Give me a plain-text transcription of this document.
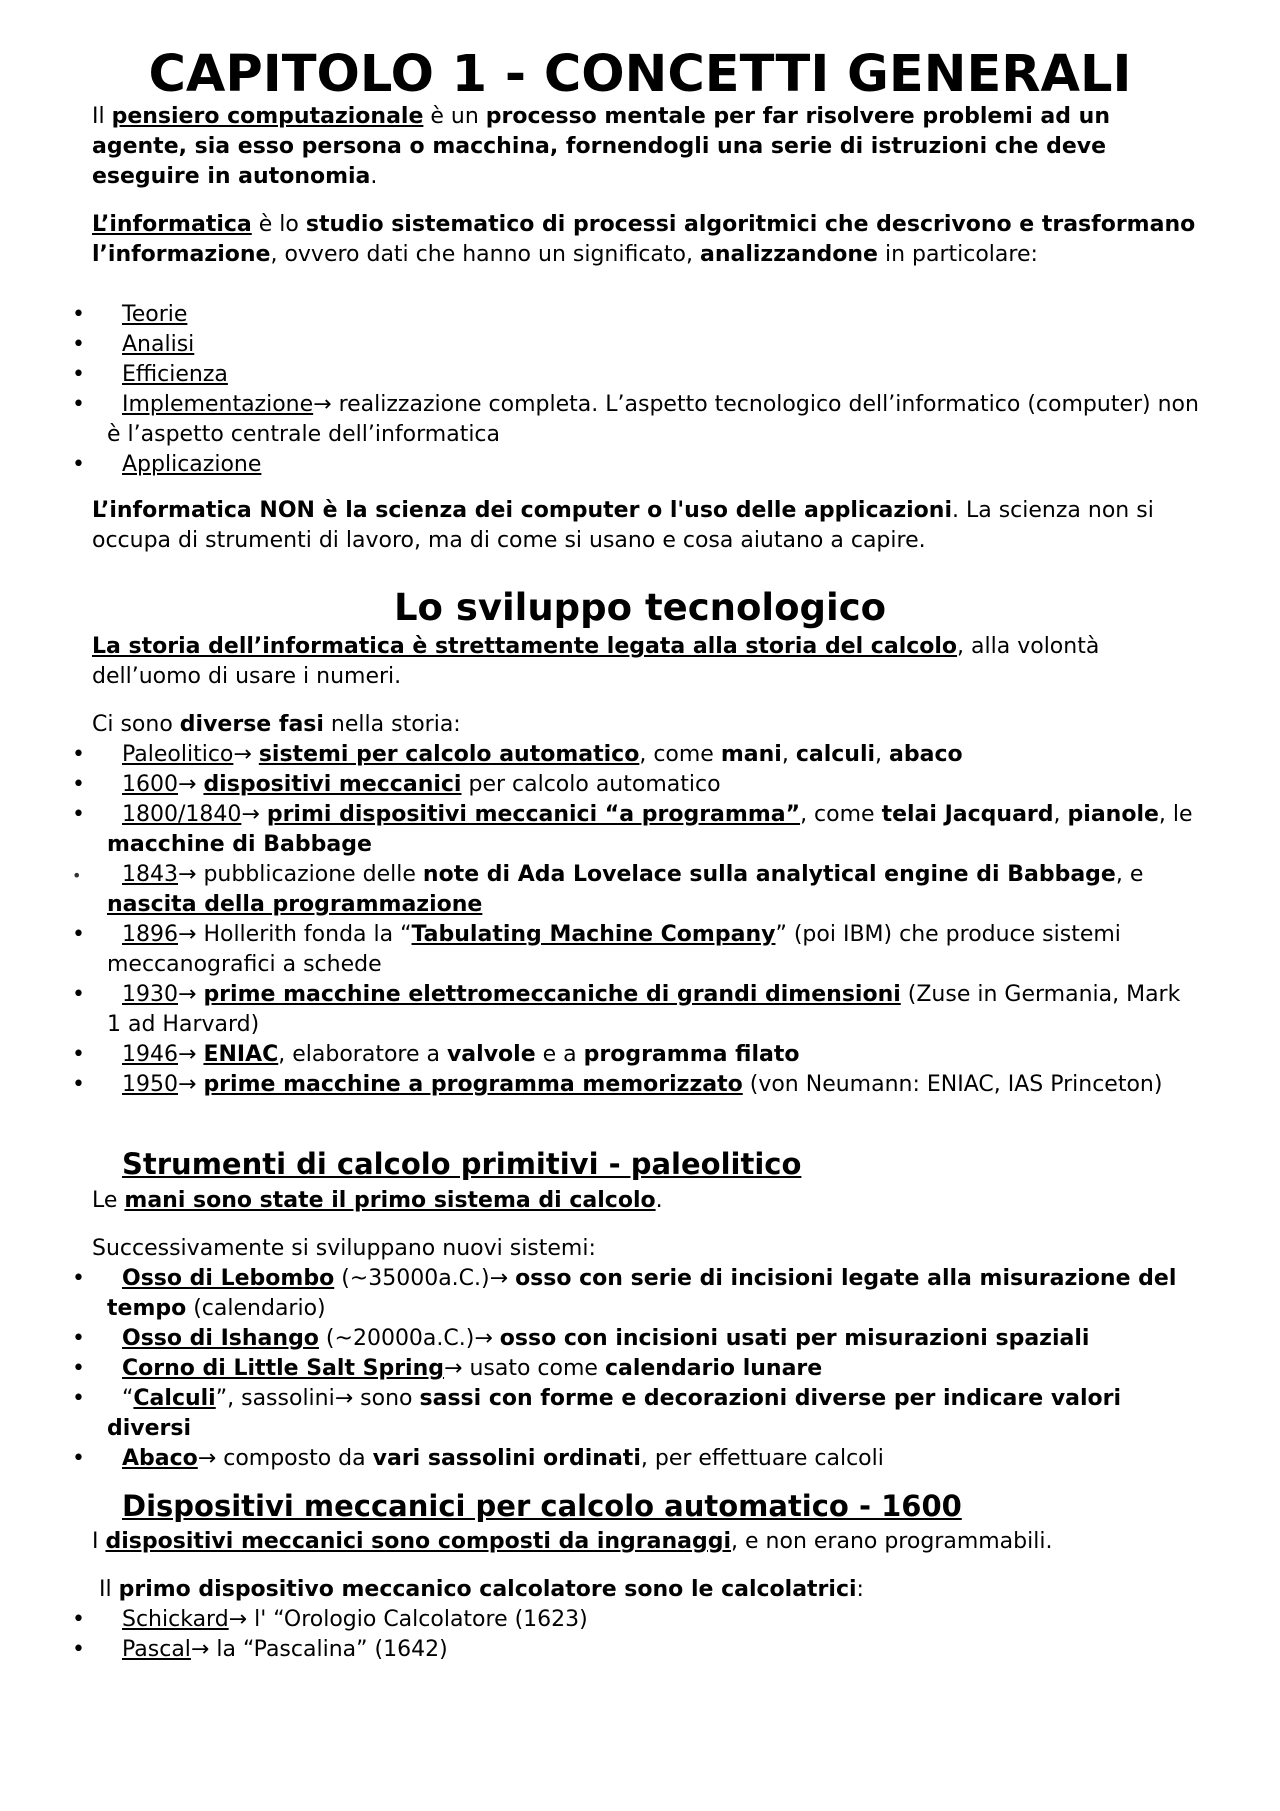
CAPITOLO 1 - CONCETTI GENERALI

Il pensiero computazionale è un processo mentale per far risolvere problemi ad un agente, sia esso persona o macchina, fornendogli una serie di istruzioni che deve eseguire in autonomia.

L’informatica è lo studio sistematico di processi algoritmici che descrivono e trasformano l’informazione, ovvero dati che hanno un significato, analizzandone in particolare:

• Teorie
• Analisi
• Efficienza
• Implementazione→ realizzazione completa. L’aspetto tecnologico dell’informatico (computer) non è l’aspetto centrale dell’informatica
• Applicazione

L’informatica NON è la scienza dei computer o l'uso delle applicazioni. La scienza non si occupa di strumenti di lavoro, ma di come si usano e cosa aiutano a capire.

Lo sviluppo tecnologico

La storia dell’informatica è strettamente legata alla storia del calcolo, alla volontà dell’uomo di usare i numeri.

Ci sono diverse fasi nella storia:

• Paleolitico→ sistemi per calcolo automatico, come mani, calculi, abaco
• 1600→ dispositivi meccanici per calcolo automatico
• 1800/1840→ primi dispositivi meccanici “a programma”, come telai Jacquard, pianole, le macchine di Babbage
• 1843→ pubblicazione delle note di Ada Lovelace sulla analytical engine di Babbage, e nascita della programmazione
• 1896→ Hollerith fonda la “Tabulating Machine Company” (poi IBM) che produce sistemi meccanografici a schede
• 1930→ prime macchine elettromeccaniche di grandi dimensioni (Zuse in Germania, Mark 1 ad Harvard)
• 1946→ ENIAC, elaboratore a valvole e a programma filato
• 1950→ prime macchine a programma memorizzato (von Neumann: ENIAC, IAS Princeton)
Strumenti di calcolo primitivi - paleolitico

Le mani sono state il primo sistema di calcolo.

Successivamente si sviluppano nuovi sistemi:

• Osso di Lebombo (~35000a.C.)→ osso con serie di incisioni legate alla misurazione del tempo (calendario)
• Osso di Ishango (~20000a.C.)→ osso con incisioni usati per misurazioni spaziali
• Corno di Little Salt Spring→ usato come calendario lunare
• “Calculi”, sassolini→ sono sassi con forme e decorazioni diverse per indicare valori diversi
• Abaco→ composto da vari sassolini ordinati, per effettuare calcoli
Dispositivi meccanici per calcolo automatico - 1600

I dispositivi meccanici sono composti da ingranaggi, e non erano programmabili.

Il primo dispositivo meccanico calcolatore sono le calcolatrici:

• Schickard→ l' “Orologio Calcolatore (1623)
• Pascal→ la “Pascalina” (1642)
